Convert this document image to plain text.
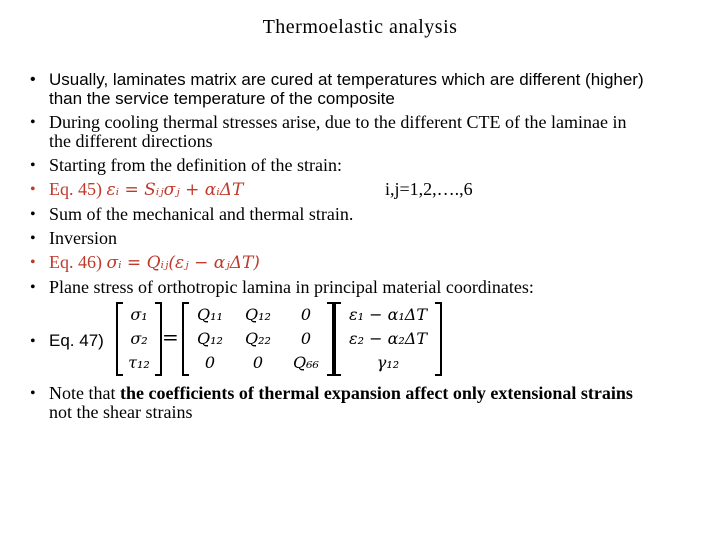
Thermoelastic analysis
• Usually, laminates matrix are cured at temperatures which are different (higher)
than the service temperature of the composite
• During cooling thermal stresses arise, due to the different CTE of the laminae in
the different directions
• Starting from the definition of the strain:
• Eq. 45) εᵢ = Sᵢⱼσⱼ + αᵢΔT	i,j=1,2,….,6
• Sum of the mechanical and thermal strain.
• Inversion
• Eq. 46) σᵢ = Qᵢⱼ(εⱼ − αⱼΔT)
• Plane stress of orthotropic lamina in principal material coordinates:
• Eq. 47)
σ₁
σ₂
τ₁₂
=
Q₁₁	Q₁₂	0
Q₁₂	Q₂₂	0
0	0	Q₆₆
ε₁ − α₁ΔT
ε₂ − α₂ΔT
γ₁₂
• Note that the coefficients of thermal expansion affect only extensional strains
not the shear strains
